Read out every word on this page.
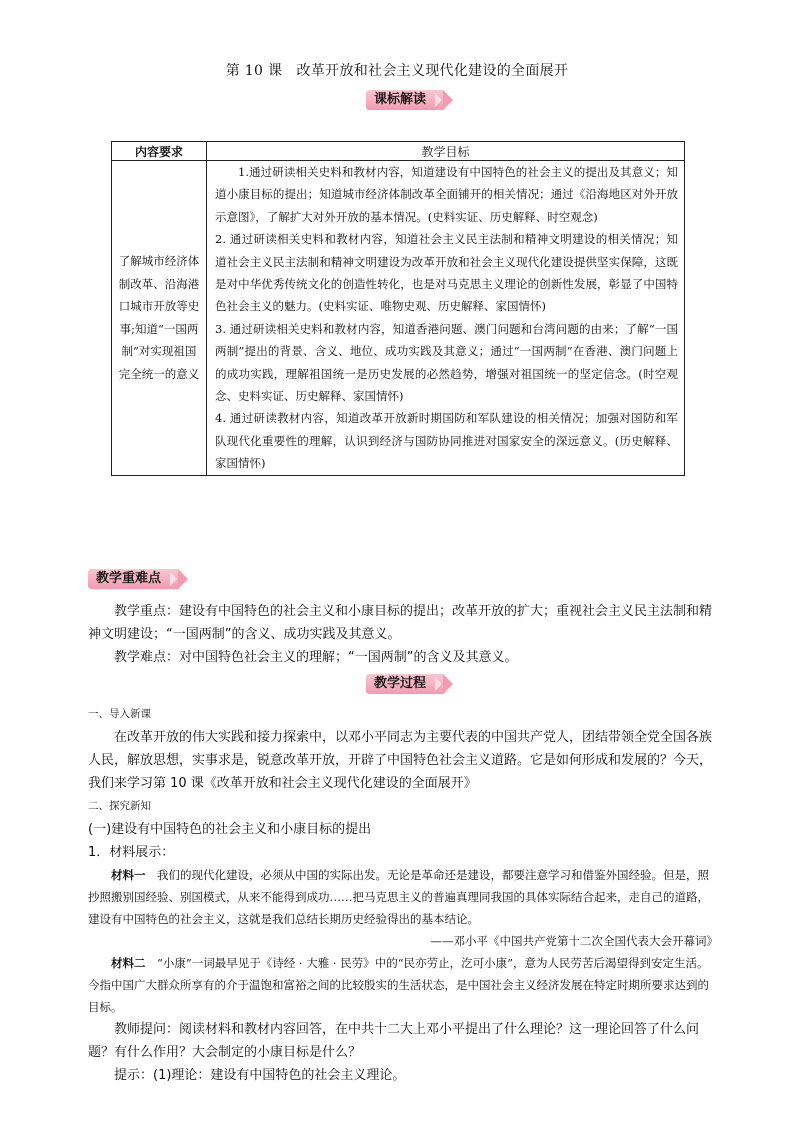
第 10 课　改革开放和社会主义现代化建设的全面展开
课标解读
内容要求	教学目标
了解城市经济体制改革、沿海港口城市开放等史事;知道“一国两制”对实现祖国完全统一的意义	1.通过研读相关史料和教材内容，知道建设有中国特色的社会主义的提出及其意义；知道小康目标的提出；知道城市经济体制改革全面铺开的相关情况；通过《沿海地区对外开放示意图》，了解扩大对外开放的基本情况。(史料实证、历史解释、时空观念)

2. 通过研读相关史料和教材内容，知道社会主义民主法制和精神文明建设的相关情况；知道社会主义民主法制和精神文明建设为改革开放和社会主义现代化建设提供坚实保障，这既是对中华优秀传统文化的创造性转化，也是对马克思主义理论的创新性发展，彰显了中国特色社会主义的魅力。(史料实证、唯物史观、历史解释、家国情怀)

3. 通过研读相关史料和教材内容，知道香港问题、澳门问题和台湾问题的由来；了解“一国两制”提出的背景、含义、地位、成功实践及其意义；通过“一国两制”在香港、澳门问题上的成功实践，理解祖国统一是历史发展的必然趋势，增强对祖国统一的坚定信念。(时空观念、史料实证、历史解释、家国情怀)

4. 通过研读教材内容，知道改革开放新时期国防和军队建设的相关情况；加强对国防和军队现代化重要性的理解，认识到经济与国防协同推进对国家安全的深远意义。(历史解释、家国情怀)

教学重难点

教学重点：建设有中国特色的社会主义和小康目标的提出；改革开放的扩大；重视社会主义民主法制和精神文明建设；“一国两制”的含义、成功实践及其意义。

教学难点：对中国特色社会主义的理解；“一国两制”的含义及其意义。

教学过程

一、导入新课

在改革开放的伟大实践和接力探索中，以邓小平同志为主要代表的中国共产党人，团结带领全党全国各族人民，解放思想，实事求是，锐意改革开放，开辟了中国特色社会主义道路。它是如何形成和发展的？今天，我们来学习第 10 课《改革开放和社会主义现代化建设的全面展开》

二、探究新知

(一)建设有中国特色的社会主义和小康目标的提出

1．材料展示：

材料一　 我们的现代化建设，必须从中国的实际出发。无论是革命还是建设，都要注意学习和借鉴外国经验。但是，照抄照搬别国经验、别国模式，从来不能得到成功……把马克思主义的普遍真理同我国的具体实际结合起来，走自己的道路，建设有中国特色的社会主义，这就是我们总结长期历史经验得出的基本结论。

——邓小平《中国共产党第十二次全国代表大会开幕词》

材料二　 “小康”一词最早见于《诗经 · 大雅 · 民劳》中的“民亦劳止，汔可小康”，意为人民劳苦后渴望得到安定生活。今指中国广大群众所享有的介于温饱和富裕之间的比较殷实的生活状态，是中国社会主义经济发展在特定时期所要求达到的目标。

教师提问：阅读材料和教材内容回答，在中共十二大上邓小平提出了什么理论？这一理论回答了什么问题？有什么作用？大会制定的小康目标是什么？

提示：(1)理论：建设有中国特色的社会主义理论。
